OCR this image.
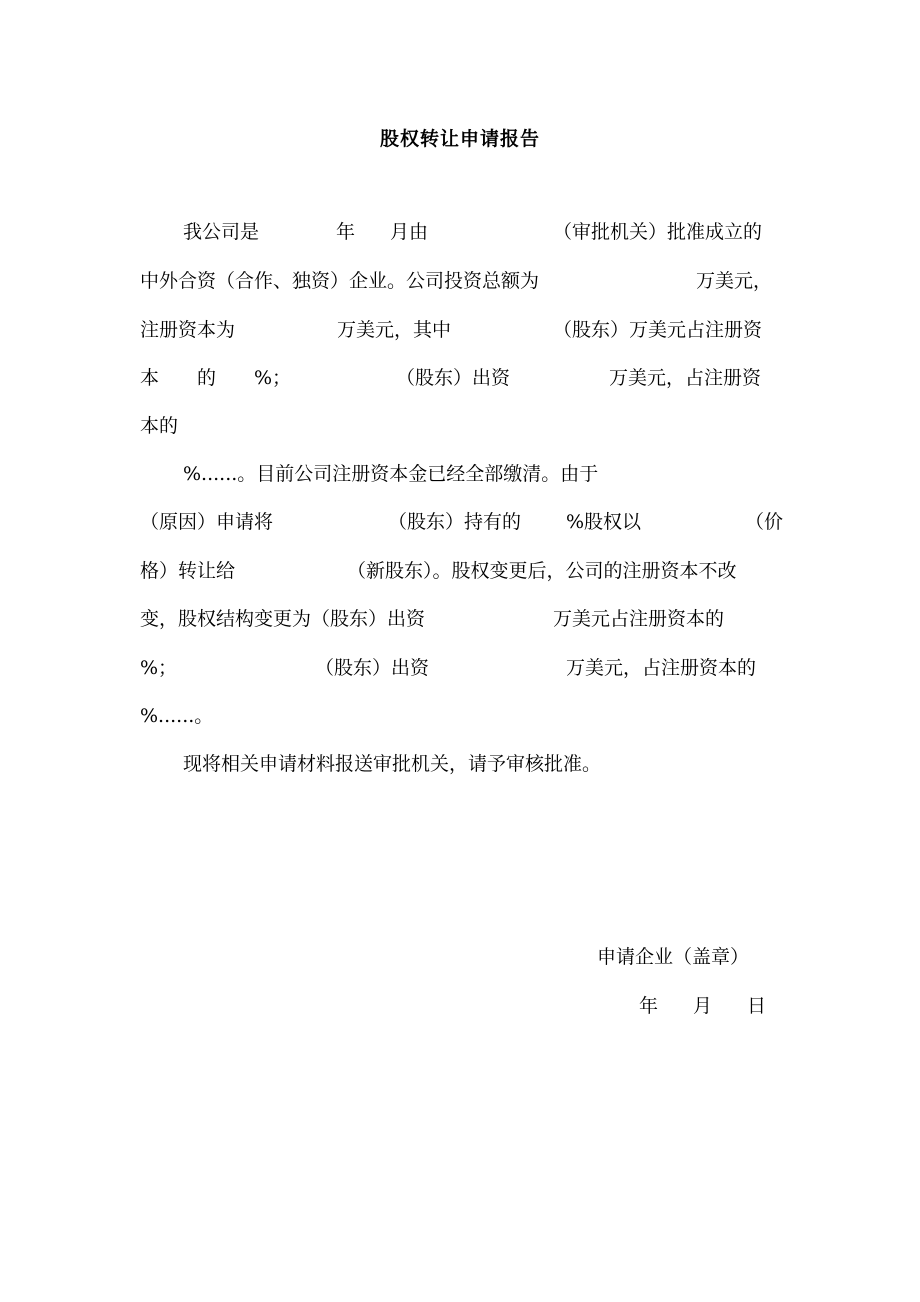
股权转让申请报告
我公司是	年 月由	（审批机关）批准成立的
中外合资（合作、独资）企业。公司投资总额为	万美元，
注册资本为	万美元，其中	（股东）万美元占注册资
本 的 %；	（股东）出资	万美元，占注册资
本的
%......。目前公司注册资本金已经全部缴清。由于
（原因）申请将	（股东）持有的 %股权以	（价
格）转让给	（新股东）。股权变更后，公司的注册资本不改
变，股权结构变更为（股东）出资	万美元占注册资本的
%；	（股东）出资	万美元，占注册资本的
%......。
现将相关申请材料报送审批机关，请予审核批准。
申请企业（盖章）
年 月 日
